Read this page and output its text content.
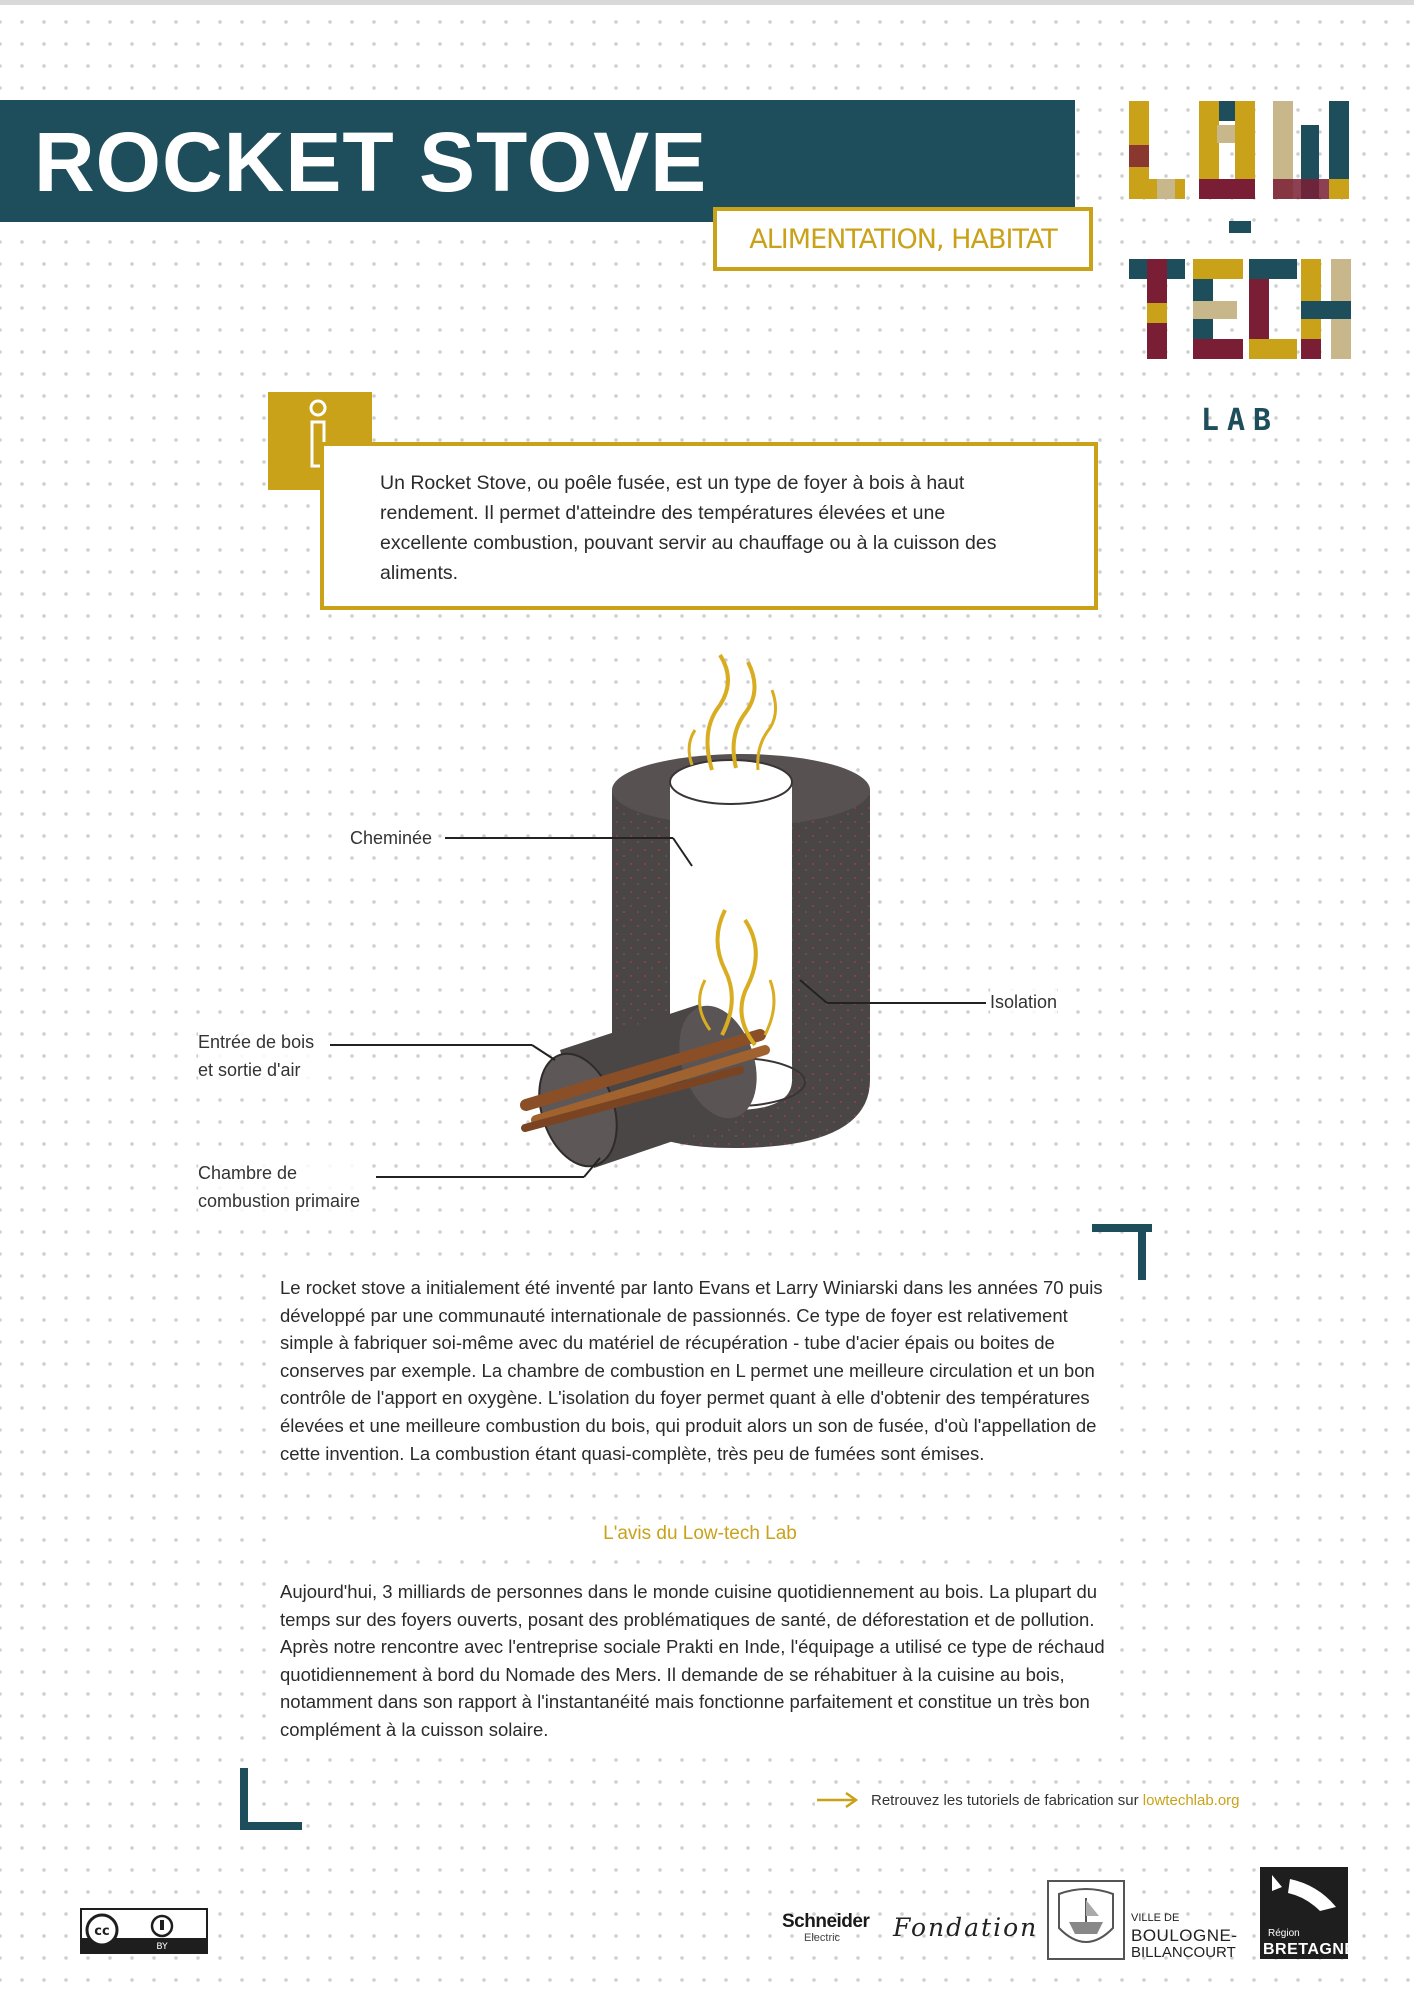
ROCKET STOVE
ALIMENTATION, HABITAT
LAB
Un Rocket Stove, ou poêle fusée, est un type de foyer à bois à haut rendement. Il permet d'atteindre des températures élevées et une excellente combustion, pouvant servir au chauffage ou à la cuisson des aliments.
Cheminée
Isolation
Entrée de bois
et sortie d'air
Chambre de
combustion primaire

Le rocket stove a initialement été inventé par Ianto Evans et Larry Winiarski dans les années 70 puis développé par une communauté internationale de passionnés. Ce type de foyer est relativement simple à fabriquer soi-même avec du matériel de récupération - tube d'acier épais ou boites de conserves par exemple. La chambre de combustion en L permet une meilleure circulation et un bon contrôle de l'apport en oxygène. L'isolation du foyer permet quant à elle d'obtenir des températures élevées et une meilleure combustion du bois, qui produit alors un son de fusée, d'où l'appellation de cette invention. La combustion étant quasi-complète, très peu de fumées sont émises.

L'avis du Low-tech Lab

Aujourd'hui, 3 milliards de personnes dans le monde cuisine quotidiennement au bois. La plupart du temps sur des foyers ouverts, posant des problématiques de santé, de déforestation et de pollution. Après notre rencontre avec l'entreprise sociale Prakti en Inde, l'équipage a utilisé ce type de réchaud quotidiennement à bord du Nomade des Mers. Il demande de se réhabituer à la cuisine au bois, notamment dans son rapport à l'instantanéité mais fonctionne parfaitement et constitue un très bon complément à la cuisson solaire.

Retrouvez les tutoriels de fabrication sur lowtechlab.org
cc
BY
Schneider
Electric	Fondation	VILLE DE
BOULOGNE-
BILLANCOURT
Région
BRETAGNE
